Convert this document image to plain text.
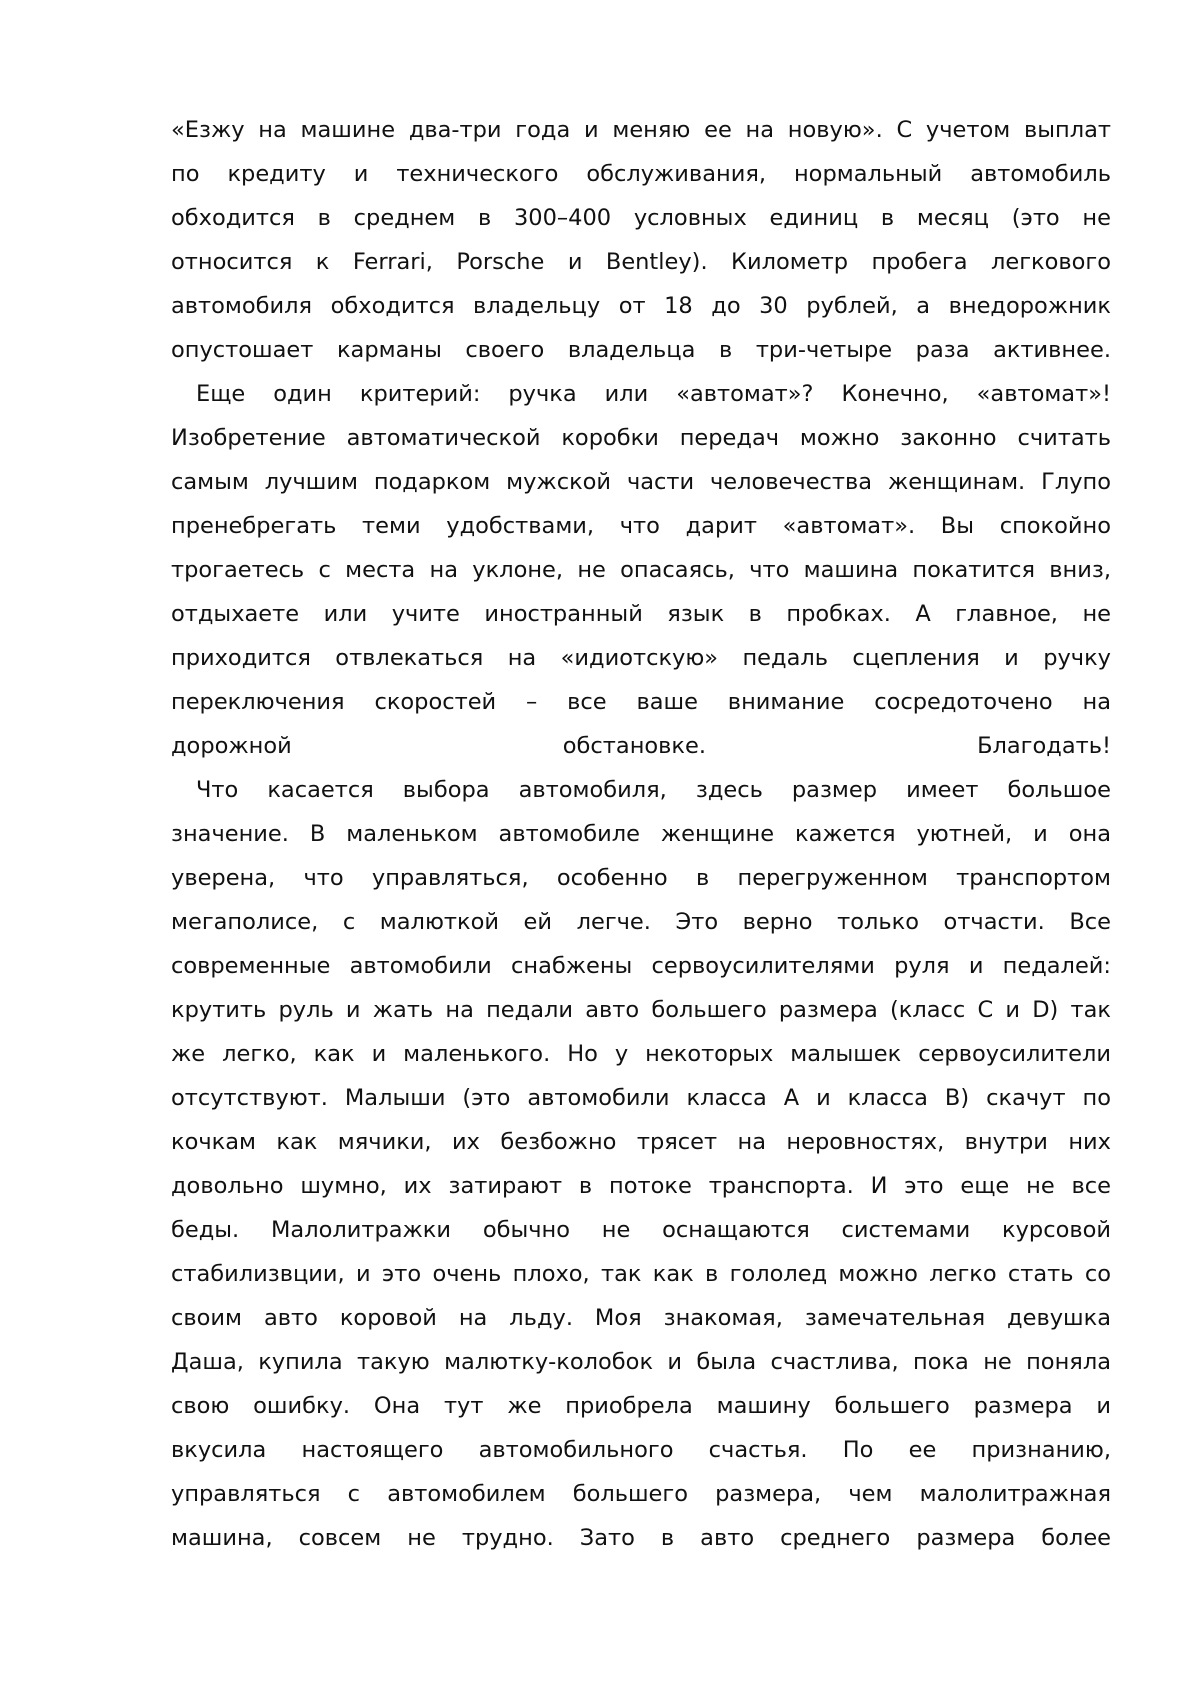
«Езжу на машине два-три года и меняю ее на новую». С учетом выплат
по кредиту и технического обслуживания, нормальный автомобиль
обходится в среднем в 300–400 условных единиц в месяц (это не
относится к Ferrari, Porsche и Bentley). Километр пробега легкового
автомобиля обходится владельцу от 18 до 30 рублей, а внедорожник
опустошает карманы своего владельца в три-четыре раза активнее.
Еще один критерий: ручка или «автомат»? Конечно, «автомат»!
Изобретение автоматической коробки передач можно законно считать
самым лучшим подарком мужской части человечества женщинам. Глупо
пренебрегать теми удобствами, что дарит «автомат». Вы спокойно
трогаетесь с места на уклоне, не опасаясь, что машина покатится вниз,
отдыхаете или учите иностранный язык в пробках. А главное, не
приходится отвлекаться на «идиотскую» педаль сцепления и ручку
переключения скоростей – все ваше внимание сосредоточено на
дорожной обстановке. Благодать!
Что касается выбора автомобиля, здесь размер имеет большое
значение. В маленьком автомобиле женщине кажется уютней, и она
уверена, что управляться, особенно в перегруженном транспортом
мегаполисе, с малюткой ей легче. Это верно только отчасти. Все
современные автомобили снабжены сервоусилителями руля и педалей:
крутить руль и жать на педали авто большего размера (класс С и D) так
же легко, как и маленького. Но у некоторых малышек сервоусилители
отсутствуют. Малыши (это автомобили класса А и класса В) скачут по
кочкам как мячики, их безбожно трясет на неровностях, внутри них
довольно шумно, их затирают в потоке транспорта. И это еще не все
беды. Малолитражки обычно не оснащаются системами курсовой
стабилизвции, и это очень плохо, так как в гололед можно легко стать со
своим авто коровой на льду. Моя знакомая, замечательная девушка
Даша, купила такую малютку-колобок и была счастлива, пока не поняла
свою ошибку. Она тут же приобрела машину большего размера и
вкусила настоящего автомобильного счастья. По ее признанию,
управляться с автомобилем большего размера, чем малолитражная
машина, совсем не трудно. Зато в авто среднего размера более
